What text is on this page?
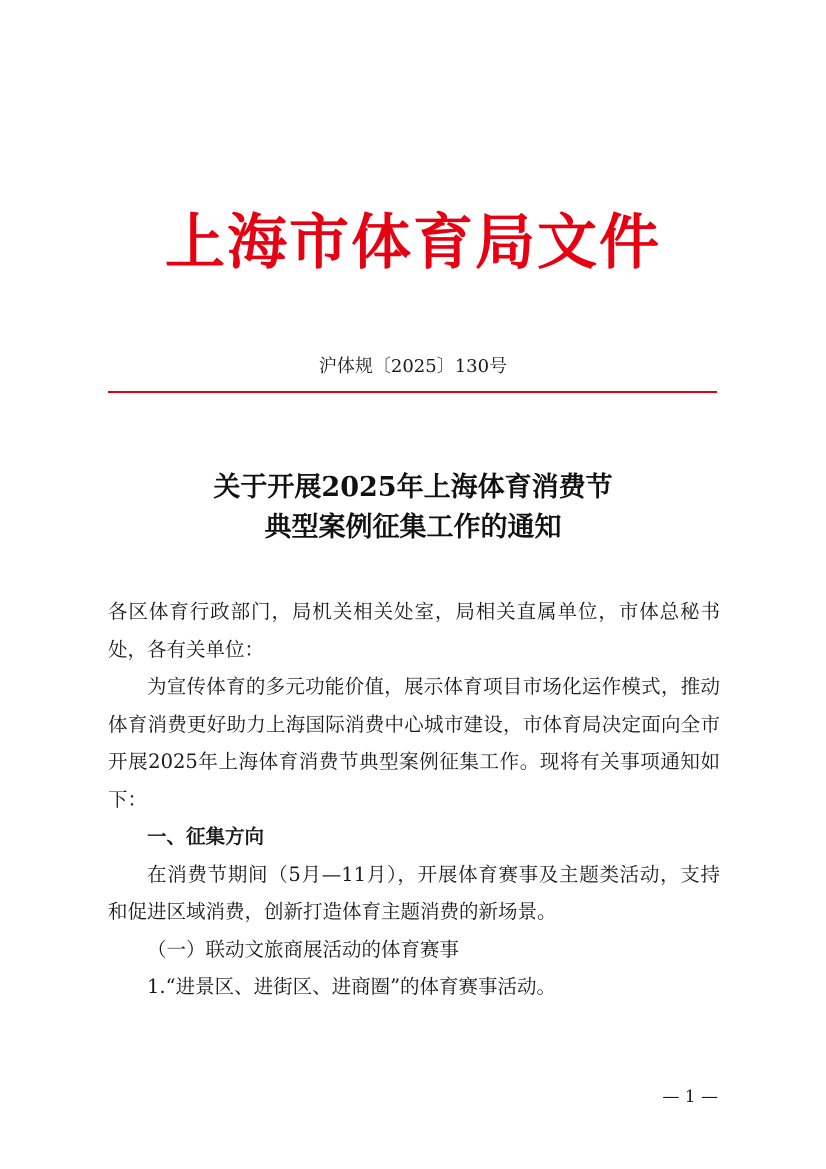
上海市体育局文件
沪体规〔2025〕130号
关于开展2025年上海体育消费节
典型案例征集工作的通知

各区体育行政部门，局机关相关处室，局相关直属单位，市体总秘书处，各有关单位：

为宣传体育的多元功能价值，展示体育项目市场化运作模式，推动体育消费更好助力上海国际消费中心城市建设，市体育局决定面向全市开展2025年上海体育消费节典型案例征集工作。现将有关事项通知如下：

一、征集方向

在消费节期间（5月—11月），开展体育赛事及主题类活动，支持和促进区域消费，创新打造体育主题消费的新场景。

（一）联动文旅商展活动的体育赛事

1.“进景区、进街区、进商圈”的体育赛事活动。

— 1 —
